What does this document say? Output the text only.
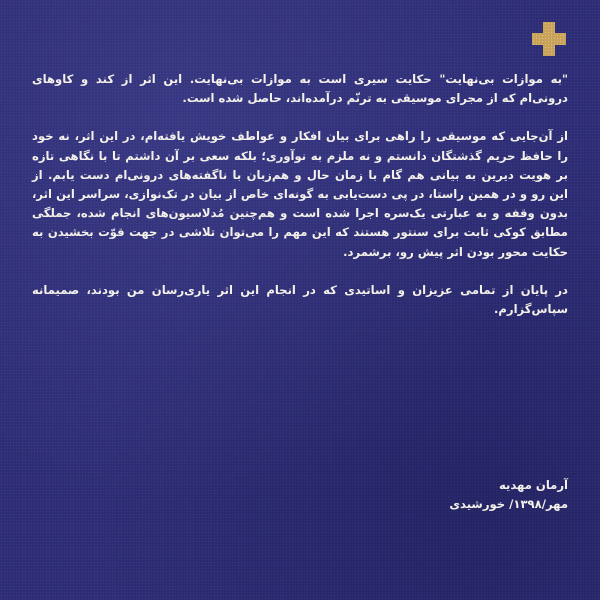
"به موازات بی‌نهایت" حکایت سیری است به موازات بی‌نهایت. این اثر از کند و کاوهای درونی‌ام که از مجرای موسیقی به ترنّم درآمده‌اند، حاصل شده است.

از آن‌جایی که موسیقی را راهی برای بیان افکار و عواطف خویش یافته‌ام، در این اثر، نه خود را حافظ حریم گذشتگان دانستم و نه ملزم به نوآوری؛ بلکه سعی بر آن داشتم تا با نگاهی تازه بر هویت دیرین به بیانی هم گام با زمان حال و هم‌زبان با ناگفته‌های درونی‌ام دست یابم. از این رو و در همین راستا، در پی دست‌یابی به گونه‌ای خاص از بیان در تک‌نوازی، سراسر این اثر، بدون وقفه و به عبارتی یک‌سره اجرا شده است و هم‌چنین مُدلاسیون‌های انجام شده، جملگی مطابق کوکی ثابت برای سنتور هستند که این مهم را می‌توان تلاشی در جهت قوّت بخشیدن به حکایت محور بودن اثر پیش رو، برشمرد.

در پایان از تمامی عزیزان و اساتیدی که در انجام این اثر یاری‌رسان من بودند، صمیمانه سپاس‌گزارم.

آرمان مهدیه
مهر/۱۳۹۸/ خورشیدی
